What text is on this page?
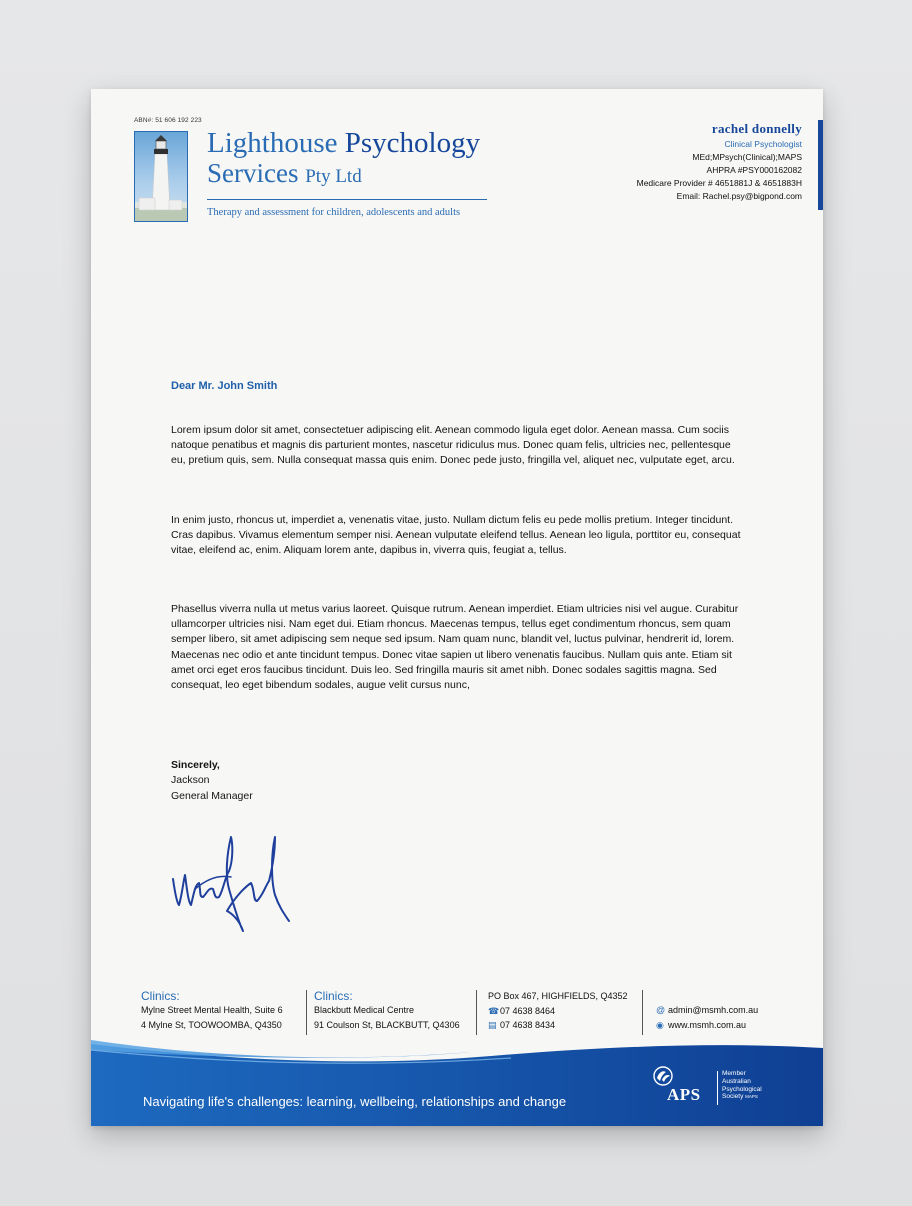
ABN#: 51 606 192 223
Lighthouse Psychology
Services Pty Ltd
Therapy and assessment for children, adolescents and adults
rachel donnelly
Clinical Psychologist
MEd;MPsych(Clinical);MAPS
AHPRA #PSY000162082
Medicare Provider # 4651881J & 4651883H
Email: Rachel.psy@bigpond.com
Dear Mr. John Smith
Lorem ipsum dolor sit amet, consectetuer adipiscing elit. Aenean commodo ligula eget dolor. Aenean massa. Cum sociis natoque penatibus et magnis dis parturient montes, nascetur ridiculus mus. Donec quam felis, ultricies nec, pellentesque eu, pretium quis, sem. Nulla consequat massa quis enim. Donec pede justo, fringilla vel, aliquet nec, vulputate eget, arcu.
In enim justo, rhoncus ut, imperdiet a, venenatis vitae, justo. Nullam dictum felis eu pede mollis pretium. Integer tincidunt. Cras dapibus. Vivamus elementum semper nisi. Aenean vulputate eleifend tellus. Aenean leo ligula, porttitor eu, consequat vitae, eleifend ac, enim. Aliquam lorem ante, dapibus in, viverra quis, feugiat a, tellus.
Phasellus viverra nulla ut metus varius laoreet. Quisque rutrum. Aenean imperdiet. Etiam ultricies nisi vel augue. Curabitur ullamcorper ultricies nisi. Nam eget dui. Etiam rhoncus. Maecenas tempus, tellus eget condimentum rhoncus, sem quam semper libero, sit amet adipiscing sem neque sed ipsum. Nam quam nunc, blandit vel, luctus pulvinar, hendrerit id, lorem. Maecenas nec odio et ante tincidunt tempus. Donec vitae sapien ut libero venenatis faucibus. Nullam quis ante. Etiam sit amet orci eget eros faucibus tincidunt. Duis leo. Sed fringilla mauris sit amet nibh. Donec sodales sagittis magna. Sed consequat, leo eget bibendum sodales, augue velit cursus nunc,
Sincerely,
Jackson
General Manager
Clinics:
Mylne Street Mental Health, Suite 6
4 Mylne St, TOOWOOMBA, Q4350
Clinics:
Blackbutt Medical Centre
91 Coulson St, BLACKBUTT, Q4306
PO Box 467, HIGHFIELDS, Q4352
☎07 4638 8464
▤ 07 4638 8434
@ admin@msmh.com.au
◉ www.msmh.com.au
Navigating life's challenges: learning, wellbeing, relationships and change	APS
Member
Australian
Psychological
Society MAPS
